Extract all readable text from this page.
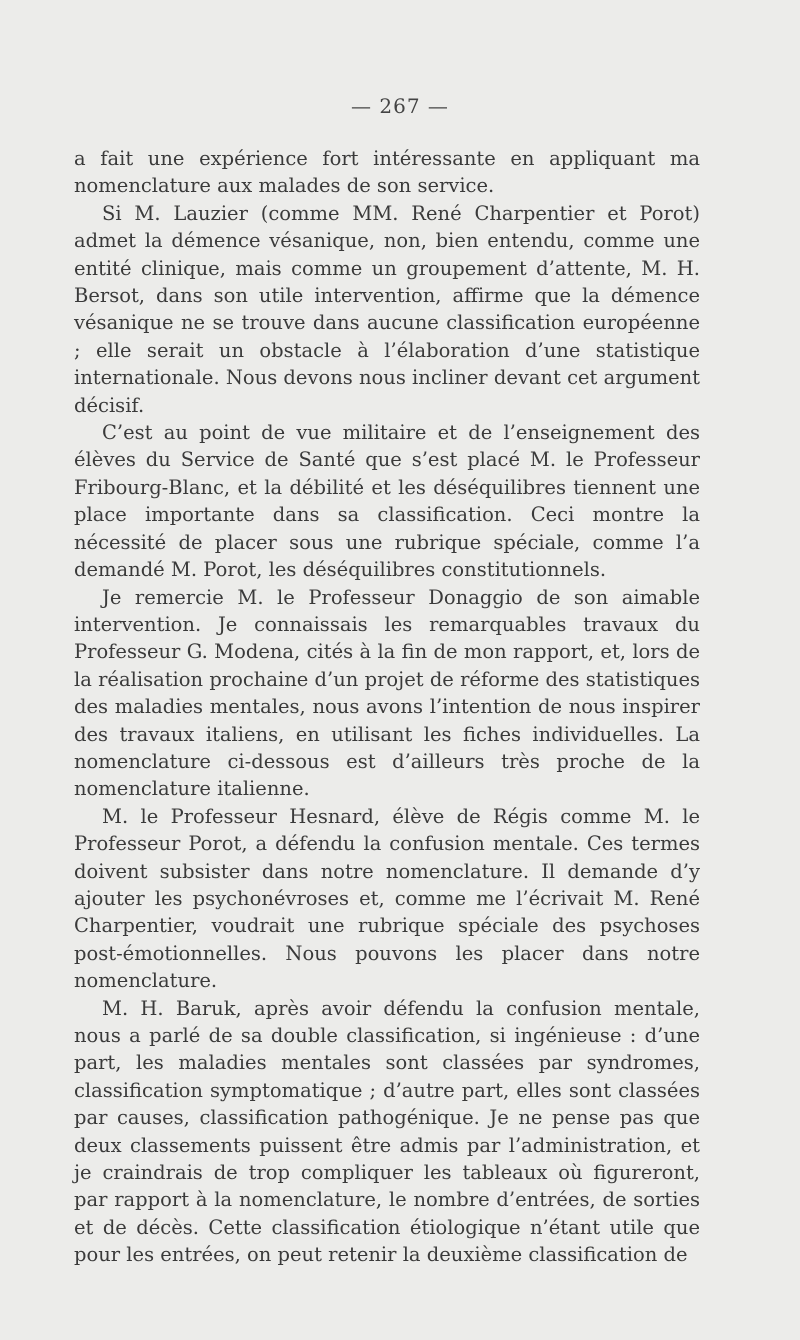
— 267 —

a fait une expérience fort intéressante en appliquant ma nomenclature aux malades de son service.

Si M. Lauzier (comme MM. René Charpentier et Porot) admet la démence vésanique, non, bien entendu, comme une entité clinique, mais comme un groupement d’attente, M. H. Bersot, dans son utile intervention, affirme que la démence vésanique ne se trouve dans aucune classification européenne ; elle serait un obstacle à l’élaboration d’une statistique internationale. Nous devons nous incliner devant cet argument décisif.

C’est au point de vue militaire et de l’enseignement des élèves du Service de Santé que s’est placé M. le Professeur Fribourg-Blanc, et la débilité et les déséquilibres tiennent une place importante dans sa classification. Ceci montre la nécessité de placer sous une rubrique spéciale, comme l’a demandé M. Porot, les déséquilibres constitutionnels.

Je remercie M. le Professeur Donaggio de son aimable intervention. Je connaissais les remarquables travaux du Professeur G. Modena, cités à la fin de mon rapport, et, lors de la réalisation prochaine d’un projet de réforme des statistiques des maladies mentales, nous avons l’intention de nous inspirer des travaux italiens, en utilisant les fiches individuelles. La nomenclature ci-dessous est d’ailleurs très proche de la nomenclature italienne.

M. le Professeur Hesnard, élève de Régis comme M. le Professeur Porot, a défendu la confusion mentale. Ces termes doivent subsister dans notre nomenclature. Il demande d’y ajouter les psychonévroses et, comme me l’écrivait M. René Charpentier, voudrait une rubrique spéciale des psychoses post-émotionnelles. Nous pouvons les placer dans notre nomenclature.

M. H. Baruk, après avoir défendu la confusion mentale, nous a parlé de sa double classification, si ingénieuse : d’une part, les maladies mentales sont classées par syndromes, classification symptomatique ; d’autre part, elles sont classées par causes, classification pathogénique. Je ne pense pas que deux classements puissent être admis par l’administration, et je craindrais de trop compliquer les tableaux où figureront, par rapport à la nomenclature, le nombre d’entrées, de sorties et de décès. Cette classification étiologique n’étant utile que pour les entrées, on peut retenir la deuxième classification de
